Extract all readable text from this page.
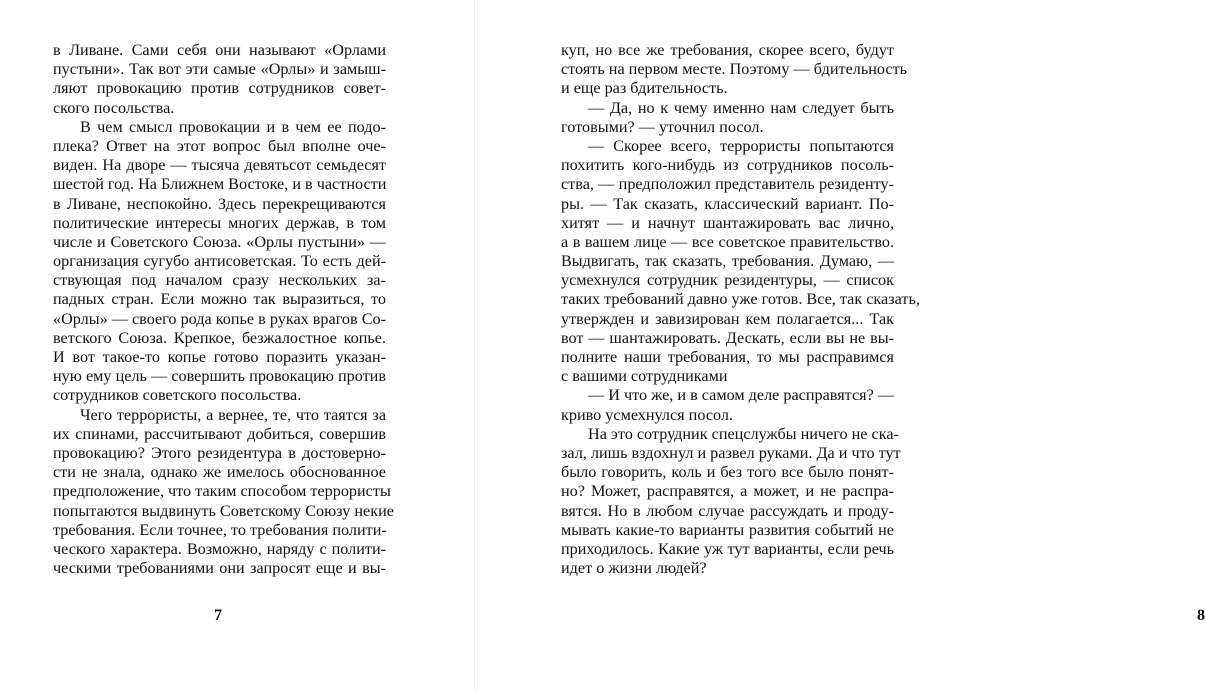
в Ливане. Сами себя они называют «Орлами
пустыни». Так вот эти самые «Орлы» и замыш-
ляют провокацию против сотрудников совет-
ского посольства.
В чем смысл провокации и в чем ее подо-
плека? Ответ на этот вопрос был вполне оче-
виден. На дворе — тысяча девятьсот семьдесят
шестой год. На Ближнем Востоке, и в частности
в Ливане, неспокойно. Здесь перекрещиваются
политические интересы многих держав, в том
числе и Советского Союза. «Орлы пустыни» —
организация сугубо антисоветская. То есть дей-
ствующая под началом сразу нескольких за-
падных стран. Если можно так выразиться, то
«Орлы» — своего рода копье в руках врагов Со-
ветского Союза. Крепкое, безжалостное копье.
И вот такое-то копье готово поразить указан-
ную ему цель — совершить провокацию против
сотрудников советского посольства.
Чего террористы, а вернее, те, что таятся за
их спинами, рассчитывают добиться, совершив
провокацию? Этого резидентура в достоверно-
сти не знала, однако же имелось обоснованное
предположение, что таким способом террористы
попытаются выдвинуть Советскому Союзу некие
требования. Если точнее, то требования полити-
ческого характера. Возможно, наряду с полити-
ческими требованиями они запросят еще и вы-
7
куп, но все же требования, скорее всего, будут
стоять на первом месте. Поэтому — бдительность
и еще раз бдительность.
— Да, но к чему именно нам следует быть
готовыми? — уточнил посол.
— Скорее всего, террористы попытаются
похитить кого-нибудь из сотрудников посоль-
ства, — предположил представитель резиденту-
ры. — Так сказать, классический вариант. По-
хитят — и начнут шантажировать вас лично,
а в вашем лице — все советское правительство.
Выдвигать, так сказать, требования. Думаю, —
усмехнулся сотрудник резидентуры, — список
таких требований давно уже готов. Все, так сказать,
утвержден и завизирован кем полагается... Так
вот — шантажировать. Дескать, если вы не вы-
полните наши требования, то мы расправимся
с вашими сотрудниками
— И что же, и в самом деле расправятся? —
криво усмехнулся посол.
На это сотрудник спецслужбы ничего не ска-
зал, лишь вздохнул и развел руками. Да и что тут
было говорить, коль и без того все было понят-
но? Может, расправятся, а может, и не распра-
вятся. Но в любом случае рассуждать и проду-
мывать какие-то варианты развития событий не
приходилось. Какие уж тут варианты, если речь
идет о жизни людей?
8
